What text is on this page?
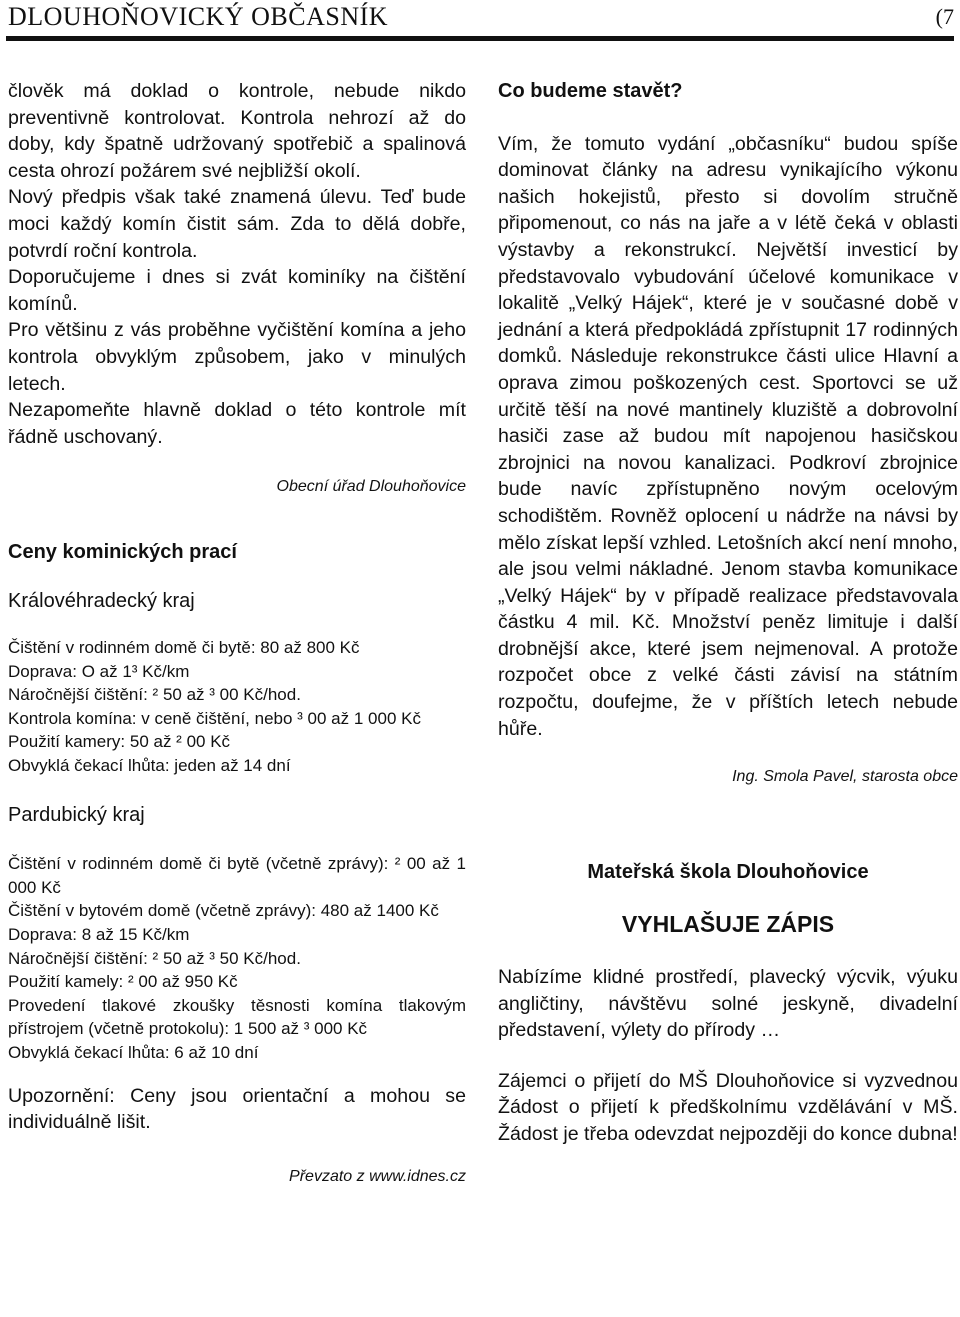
DLOUHOŇOVICKÝ OBČASNÍK	(7

člověk má doklad o kontrole, nebude nikdo preventivně kontrolovat. Kontrola nehrozí až do doby, kdy špatně udržovaný spotřebič a spalinová cesta ohrozí požárem své nejbližší okolí.

Nový předpis však také znamená úlevu. Teď bude moci každý komín čistit sám. Zda to dělá dobře, potvrdí roční kontrola.

Doporučujeme i dnes si zvát kominíky na čištění komínů.

Pro většinu z vás proběhne vyčištění komína a jeho kontrola obvyklým způsobem, jako v minulých letech.

Nezapomeňte hlavně doklad o této kontrole mít řádně uschovaný.

Obecní úřad Dlouhoňovice

Ceny kominických prací

Královéhradecký kraj

Čištění v rodinném domě či bytě: 80 až 800 Kč

Doprava: O až 1³ Kč/km

Náročnější čištění: ² 50 až ³ 00 Kč/hod.

Kontrola komína: v ceně čištění, nebo ³ 00 až 1 000 Kč

Použití kamery: 50 až ² 00 Kč

Obvyklá čekací lhůta: jeden až 14 dní

Pardubický kraj

Čištění v rodinném domě či bytě (včetně zprávy): ² 00 až 1 000 Kč

Čištění v bytovém domě (včetně zprávy): 480 až 1400 Kč

Doprava: 8 až 15 Kč/km

Náročnější čištění: ² 50 až ³ 50 Kč/hod.

Použití kamely: ² 00 až 950 Kč

Provedení tlakové zkoušky těsnosti komína tlakovým přístrojem (včetně protokolu): 1 500 až ³ 000 Kč

Obvyklá čekací lhůta: 6 až 10 dní

Upozornění: Ceny jsou orientační a mohou se individuálně lišit.

Převzato z www.idnes.cz

Co budeme stavět?

Vím, že tomuto vydání „občasníku“ budou spíše dominovat články na adresu vynikajícího výkonu našich hokejistů, přesto si dovolím stručně připomenout, co nás na jaře a v létě čeká v oblasti výstavby a rekonstrukcí. Největší investicí by představovalo vybudování účelové komunikace v lokalitě „Velký Hájek“, které je v současné době v jednání a která předpokládá zpřístupnit 17 rodinných domků. Následuje rekonstrukce části ulice Hlavní a oprava zimou poškozených cest. Sportovci se už určitě těší na nové mantinely kluziště a dobrovolní hasiči zase až budou mít napojenou hasičskou zbrojnici na novou kanalizaci. Podkroví zbrojnice bude navíc zpřístupněno novým ocelovým schodištěm. Rovněž oplocení u nádrže na návsi by mělo získat lepší vzhled. Letošních akcí není mnoho, ale jsou velmi nákladné. Jenom stavba komunikace „Velký Hájek“ by v případě realizace představovala částku 4 mil. Kč. Množství peněz limituje i další drobnější akce, které jsem nejmenoval. A protože rozpočet obce z velké části závisí na státním rozpočtu, doufejme, že v příštích letech nebude hůře.

Ing. Smola Pavel, starosta obce

Mateřská škola Dlouhoňovice
VYHLAŠUJE ZÁPIS

Nabízíme klidné prostředí, plavecký výcvik, výuku angličtiny, návštěvu solné jeskyně, divadelní představení, výlety do přírody …

Zájemci o přijetí do MŠ Dlouhoňovice si vyzvednou Žádost o přijetí k předškolnímu vzdělávání v MŠ. Žádost je třeba odevzdat nejpozději do konce dubna!
